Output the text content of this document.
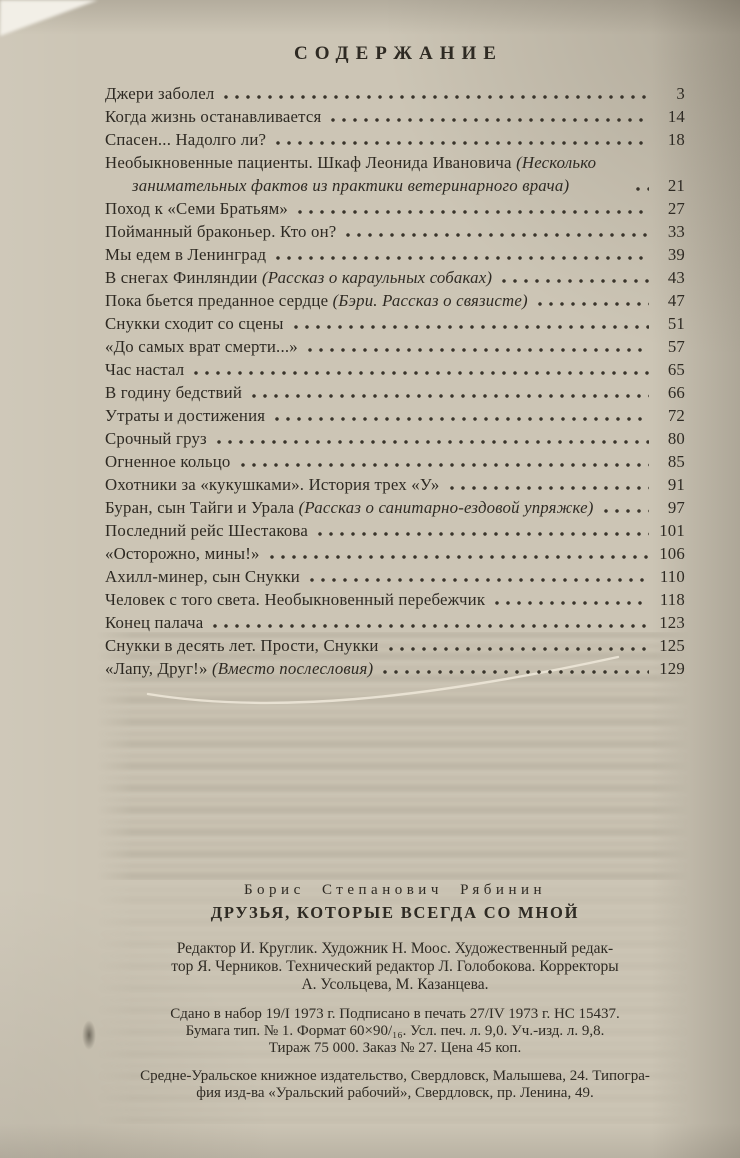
СОДЕРЖАНИЕ
Джери заболел	3
Когда жизнь останавливается	14
Спасен... Надолго ли?	18
Необыкновенные пациенты. Шкаф Леонида Ивановича (Несколько занимательных фактов из практики ветеринарного врача)	21
Поход к «Семи Братьям»	27
Пойманный браконьер. Кто он?	33
Мы едем в Ленинград	39
В снегах Финляндии (Рассказ о караульных собаках)	43
Пока бьется преданное сердце (Бэри. Рассказ о связисте)	47
Снукки сходит со сцены	51
«До самых врат смерти...»	57
Час настал	65
В годину бедствий	66
Утраты и достижения	72
Срочный груз	80
Огненное кольцо	85
Охотники за «кукушками». История трех «У»	91
Буран, сын Тайги и Урала (Рассказ о санитарно-ездовой упряжке)	97
Последний рейс Шестакова	101
«Осторожно, мины!»	106
Ахилл-минер, сын Снукки	110
Человек с того света. Необыкновенный перебежчик	118
Конец палача	123
Снукки в десять лет. Прости, Снукки	125
«Лапу, Друг!» (Вместо послесловия)	129
Борис Степанович Рябинин
ДРУЗЬЯ, КОТОРЫЕ ВСЕГДА СО МНОЙ
Редактор И. Круглик. Художник Н. Моос. Художественный редак-
тор Я. Черников. Технический редактор Л. Голобокова. Корректоры
А. Усольцева, М. Казанцева.
Сдано в набор 19/I 1973 г. Подписано в печать 27/IV 1973 г. НС 15437.
Бумага тип. № 1. Формат 60×90/₁₆. Усл. печ. л. 9,0. Уч.-изд. л. 9,8.
Тираж 75 000. Заказ № 27. Цена 45 коп.
Средне-Уральское книжное издательство, Свердловск, Малышева, 24. Типогра-
фия изд-ва «Уральский рабочий», Свердловск, пр. Ленина, 49.
